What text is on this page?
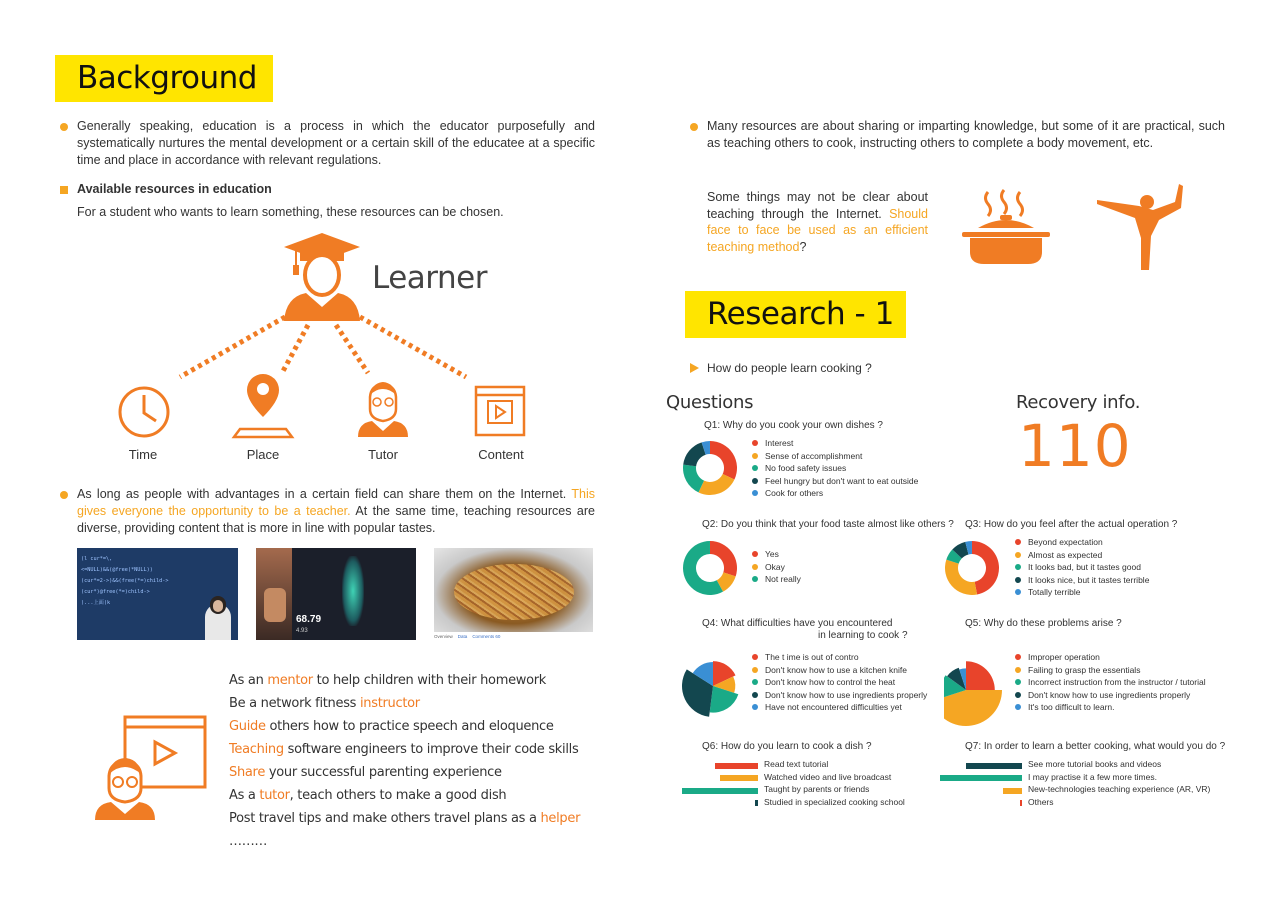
Background
Generally speaking, education is a process in which the educator purposefully and systematically nurtures the mental development or a certain skill of the educatee at a specific time and place in accordance with relevant regulations.
Available resources in education
For a student who wants to learn something, these resources can be chosen.
Learner
Time	Place	Tutor	Content
As long as people with advantages in a certain field can share them on the Internet. This gives everyone the opportunity to be a teacher. At the same time, teaching resources are diverse, providing content that is more in line with popular tastes.
(l cur*=\,
<=NULL)&&(@free(*NULL))
(cur*=2->)&&(free(*=)child->
(cur*)@free(*=)child->
)...上面(k
68.79
4.93
Overview Data Comments 60
As an mentor to help children with their homework
Be a network fitness instructor
Guide others how to practice speech and eloquence
Teaching software engineers to improve their code skills
Share your successful parenting experience
As a tutor, teach others to make a good dish
Post travel tips and make others travel plans as a helper
………
Many resources are about sharing or imparting knowledge, but some of it are practical, such as teaching others to cook, instructing others to complete a body movement, etc.
Some things may not be clear about teaching through the Internet. Should face to face be used as an efficient teaching method?
Research - 1
How do people learn cooking ?
Questions	Recovery info.
110
Q1: Why do you cook your own dishes ?
Interest
Sense of accomplishment
No food safety issues
Feel hungry but don't want to eat outside
Cook for others
Q2: Do you think that your food taste almost like others ?
Yes
Okay
Not really
Q3: How do you feel after the actual operation ?
Beyond expectation
Almost as expected
It looks bad, but it tastes good
It looks nice, but it tastes terrible
Totally terrible
Q4: What difficulties have you encountered
in learning to cook ?
The t ime is out of contro
Don't know how to use a kitchen knife
Don't know how to control the heat
Don't know how to use ingredients properly
Have not encountered difficulties yet
Q5: Why do these problems arise ?
Improper operation
Failing to grasp the essentials
Incorrect instruction from the instructor / tutorial
Don't know how to use ingredients properly
It's too difficult to learn.
Q6: How do you learn to cook a dish ?
Read text tutorial
Watched video and live broadcast
Taught by parents or friends
Studied in specialized cooking school
Q7: In order to learn a better cooking, what would you do ?
See more tutorial books and videos
I may practise it a few more times.
New-technologies teaching experience (AR, VR)
Others
